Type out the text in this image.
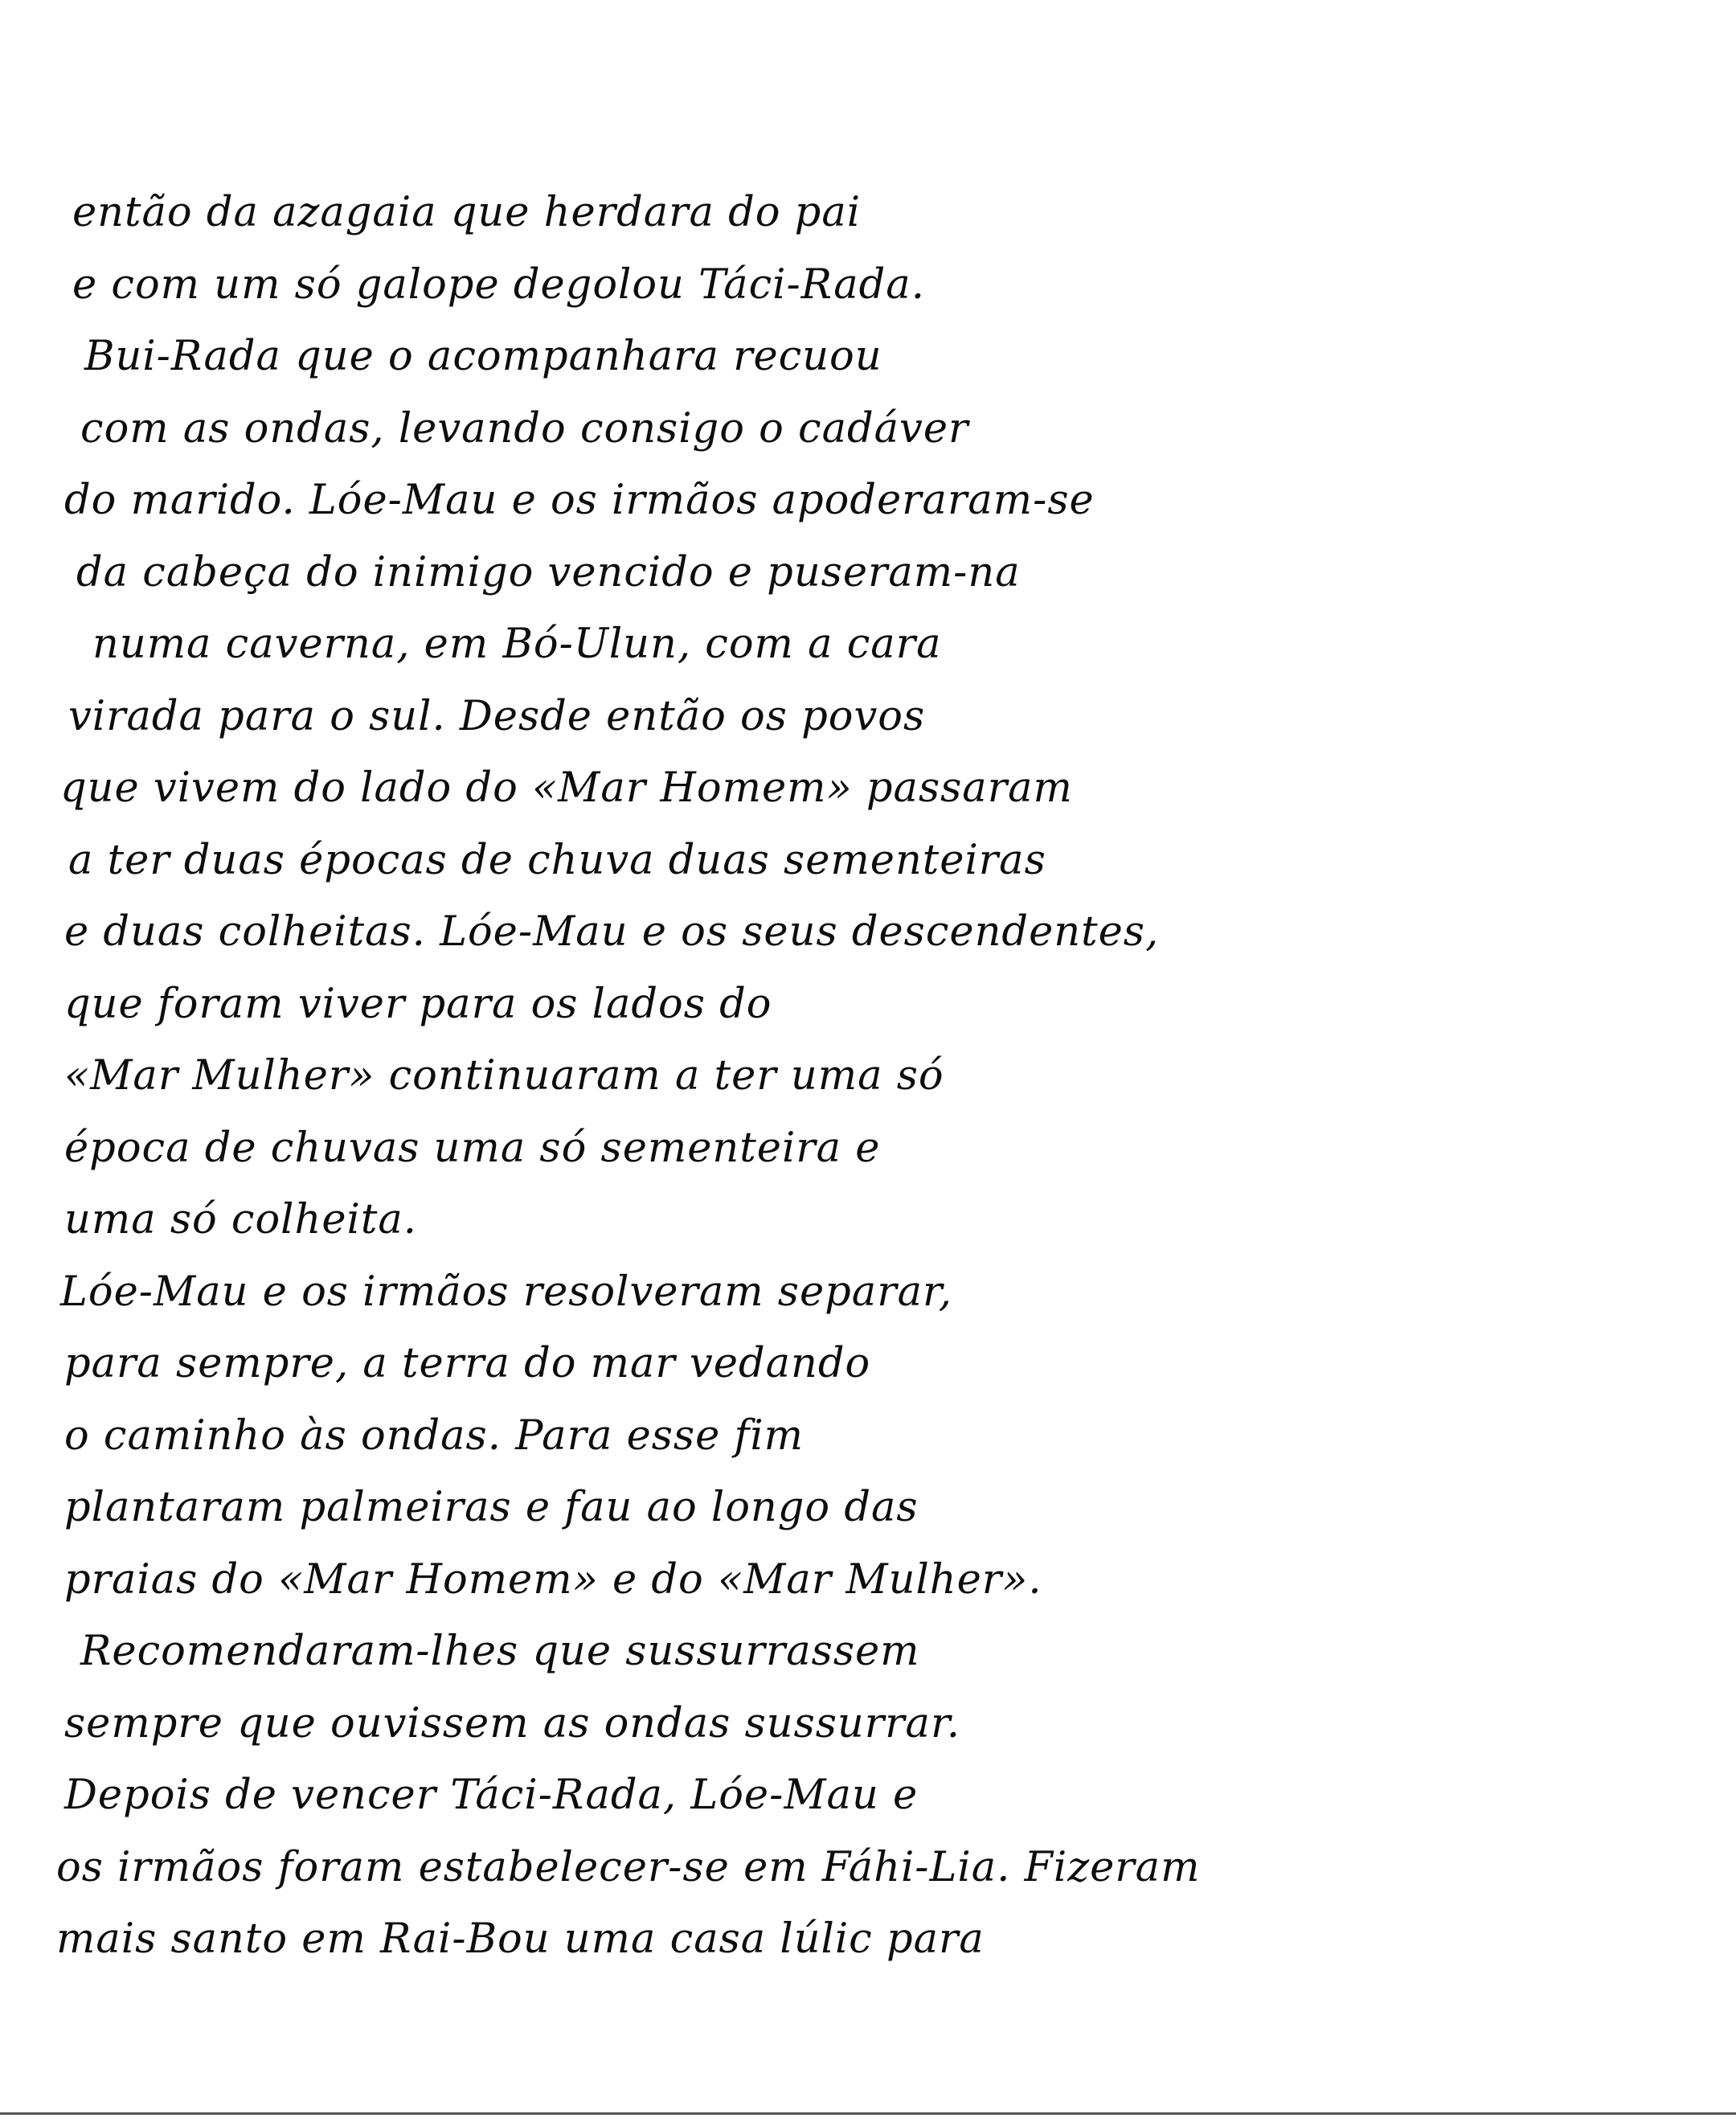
então da azagaia que herdara do pai
e com um só galope degolou Táci-Rada.
Bui-Rada que o acompanhara recuou
com as ondas, levando consigo o cadáver
do marido. Lóe-Mau e os irmãos apoderaram-se
da cabeça do inimigo vencido e puseram-na
numa caverna, em Bó-Ulun, com a cara
virada para o sul. Desde então os povos
que vivem do lado do «Mar Homem» passaram
a ter duas épocas de chuva duas sementeiras
e duas colheitas. Lóe-Mau e os seus descendentes,
que foram viver para os lados do
«Mar Mulher» continuaram a ter uma só
época de chuvas uma só sementeira e
uma só colheita.
Lóe-Mau e os irmãos resolveram separar,
para sempre, a terra do mar vedando
o caminho às ondas. Para esse fim
plantaram palmeiras e fau ao longo das
praias do «Mar Homem» e do «Mar Mulher».
Recomendaram-lhes que sussurrassem
sempre que ouvissem as ondas sussurrar.
Depois de vencer Táci-Rada, Lóe-Mau e
os irmãos foram estabelecer-se em Fáhi-Lia. Fizeram
mais santo em Rai-Bou uma casa lúlic para
